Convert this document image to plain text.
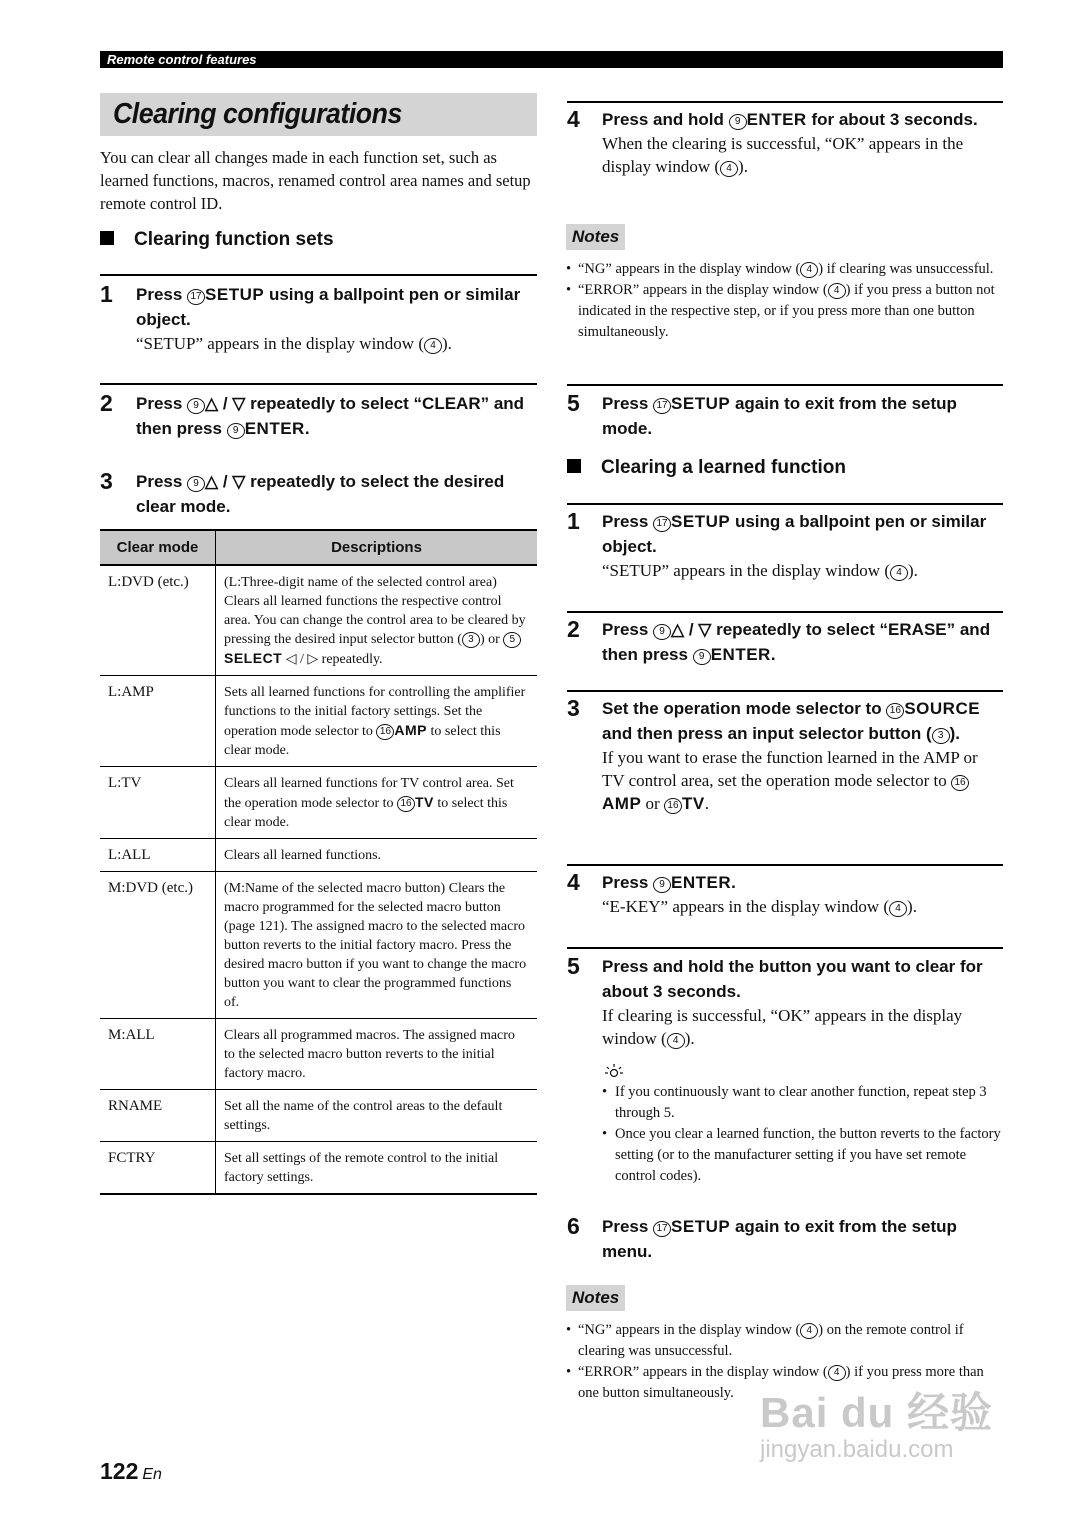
Remote control features
Clearing configurations
You can clear all changes made in each function set, such as learned functions, macros, renamed control area names and setup remote control ID.
Clearing function sets
1 Press 17 SETUP using a ballpoint pen or similar object.
“SETUP” appears in the display window ( 4 ).
2 Press 9 △ / ▽ repeatedly to select “CLEAR” and then press 9 ENTER.
3 Press 9 △ / ▽ repeatedly to select the desired clear mode.
Clear mode	Descriptions
L:DVD (etc.)	(L:Three-digit name of the selected control area) Clears all learned functions the respective control area. You can change the control area to be cleared by pressing the desired input selector button ( 3 ) or 5SELECT ◁ / ▷ repeatedly.
L:AMP	Sets all learned functions for controlling the amplifier functions to the initial factory settings. Set the operation mode selector to 16 AMP to select this clear mode.
L:TV	Clears all learned functions for TV control area. Set the operation mode selector to 16 TV to select this clear mode.
L:ALL	Clears all learned functions.
M:DVD (etc.)	(M:Name of the selected macro button) Clears the macro programmed for the selected macro button (page 121). The assigned macro to the selected macro button reverts to the initial factory macro. Press the desired macro button if you want to change the macro button you want to clear the programmed functions of.
M:ALL	Clears all programmed macros. The assigned macro to the selected macro button reverts to the initial factory macro.
RNAME	Set all the name of the control areas to the default settings.
FCTRY	Set all settings of the remote control to the initial factory settings.
4 Press and hold 9 ENTER for about 3 seconds.
When the clearing is successful, “OK” appears in the display window ( 4 ).
Notes
• “NG” appears in the display window ( 4 ) if clearing was unsuccessful.
• “ERROR” appears in the display window ( 4 ) if you press a button not indicated in the respective step, or if you press more than one button simultaneously.
5 Press 17 SETUP again to exit from the setup mode.
Clearing a learned function
1 Press 17 SETUP using a ballpoint pen or similar object.
“SETUP” appears in the display window ( 4 ).
2 Press 9 △ / ▽ repeatedly to select “ERASE” and then press 9 ENTER.
3 Set the operation mode selector to 16 SOURCE and then press an input selector button ( 3 ).
If you want to erase the function learned in the AMP or TV control area, set the operation mode selector to 16AMP or 16 TV.
4 Press 9 ENTER.
“E-KEY” appears in the display window ( 4 ).
5 Press and hold the button you want to clear for about 3 seconds.
If clearing is successful, “OK” appears in the display window ( 4 ).
• If you continuously want to clear another function, repeat step 3 through 5.
• Once you clear a learned function, the button reverts to the factory setting (or to the manufacturer setting if you have set remote control codes).
6 Press 17 SETUP again to exit from the setup menu.
Notes
• “NG” appears in the display window ( 4 ) on the remote control if clearing was unsuccessful.
• “ERROR” appears in the display window ( 4 ) if you press more than one button simultaneously. Bai du 经验
jingyan.baidu.com
122 En
